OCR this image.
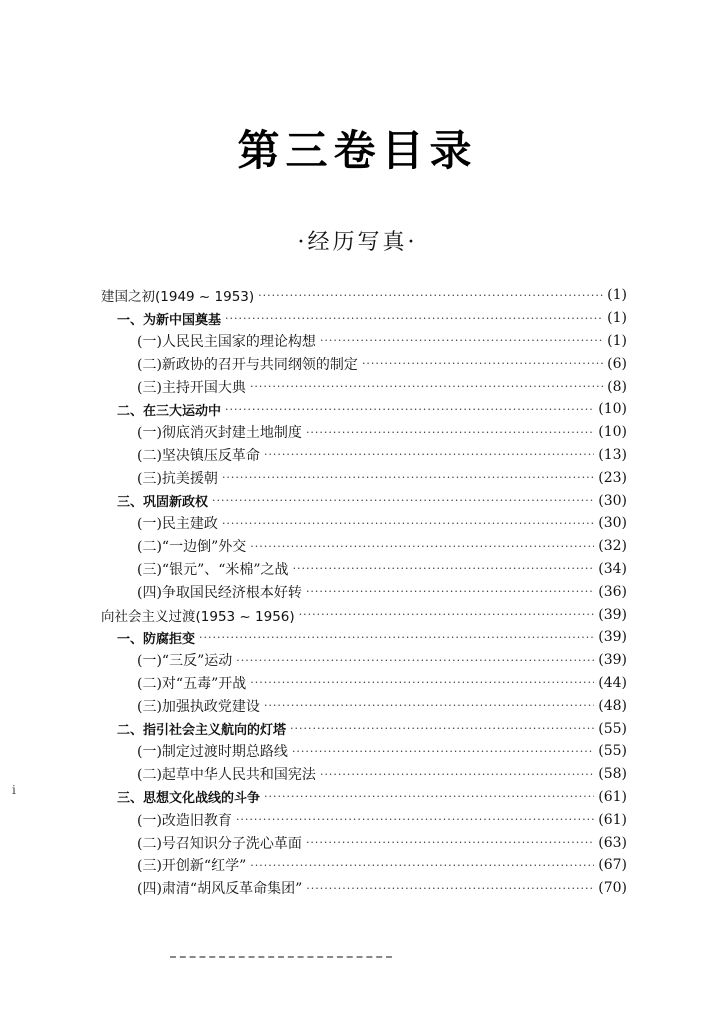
第三卷目录
·经历写真·
建国之初(1949 ~ 1953) ·····	(1)
一、为新中国奠基 ·····	(1)
(一)人民民主国家的理论构想 ·····	(1)
(二)新政协的召开与共同纲领的制定 ·····	(6)
(三)主持开国大典 ·····	(8)
二、在三大运动中 ·····	(10)
(一)彻底消灭封建土地制度 ·····	(10)
(二)坚决镇压反革命 ·····	(13)
(三)抗美援朝 ·····	(23)
三、巩固新政权 ·····	(30)
(一)民主建政 ·····	(30)
(二)“一边倒”外交 ·····	(32)
(三)“银元”、“米棉”之战 ·····	(34)
(四)争取国民经济根本好转 ·····	(36)
向社会主义过渡(1953 ~ 1956) ·····	(39)
一、防腐拒变 ·····	(39)
(一)“三反”运动 ·····	(39)
(二)对“五毒”开战 ·····	(44)
(三)加强执政党建设 ·····	(48)
二、指引社会主义航向的灯塔 ·····	(55)
(一)制定过渡时期总路线 ·····	(55)
(二)起草中华人民共和国宪法 ·····	(58)
三、思想文化战线的斗争 ·····	(61)
(一)改造旧教育 ·····	(61)
(二)号召知识分子洗心革面 ·····	(63)
(三)开创新“红学” ·····	(67)
(四)肃清“胡风反革命集团” ·····	(70)
i
